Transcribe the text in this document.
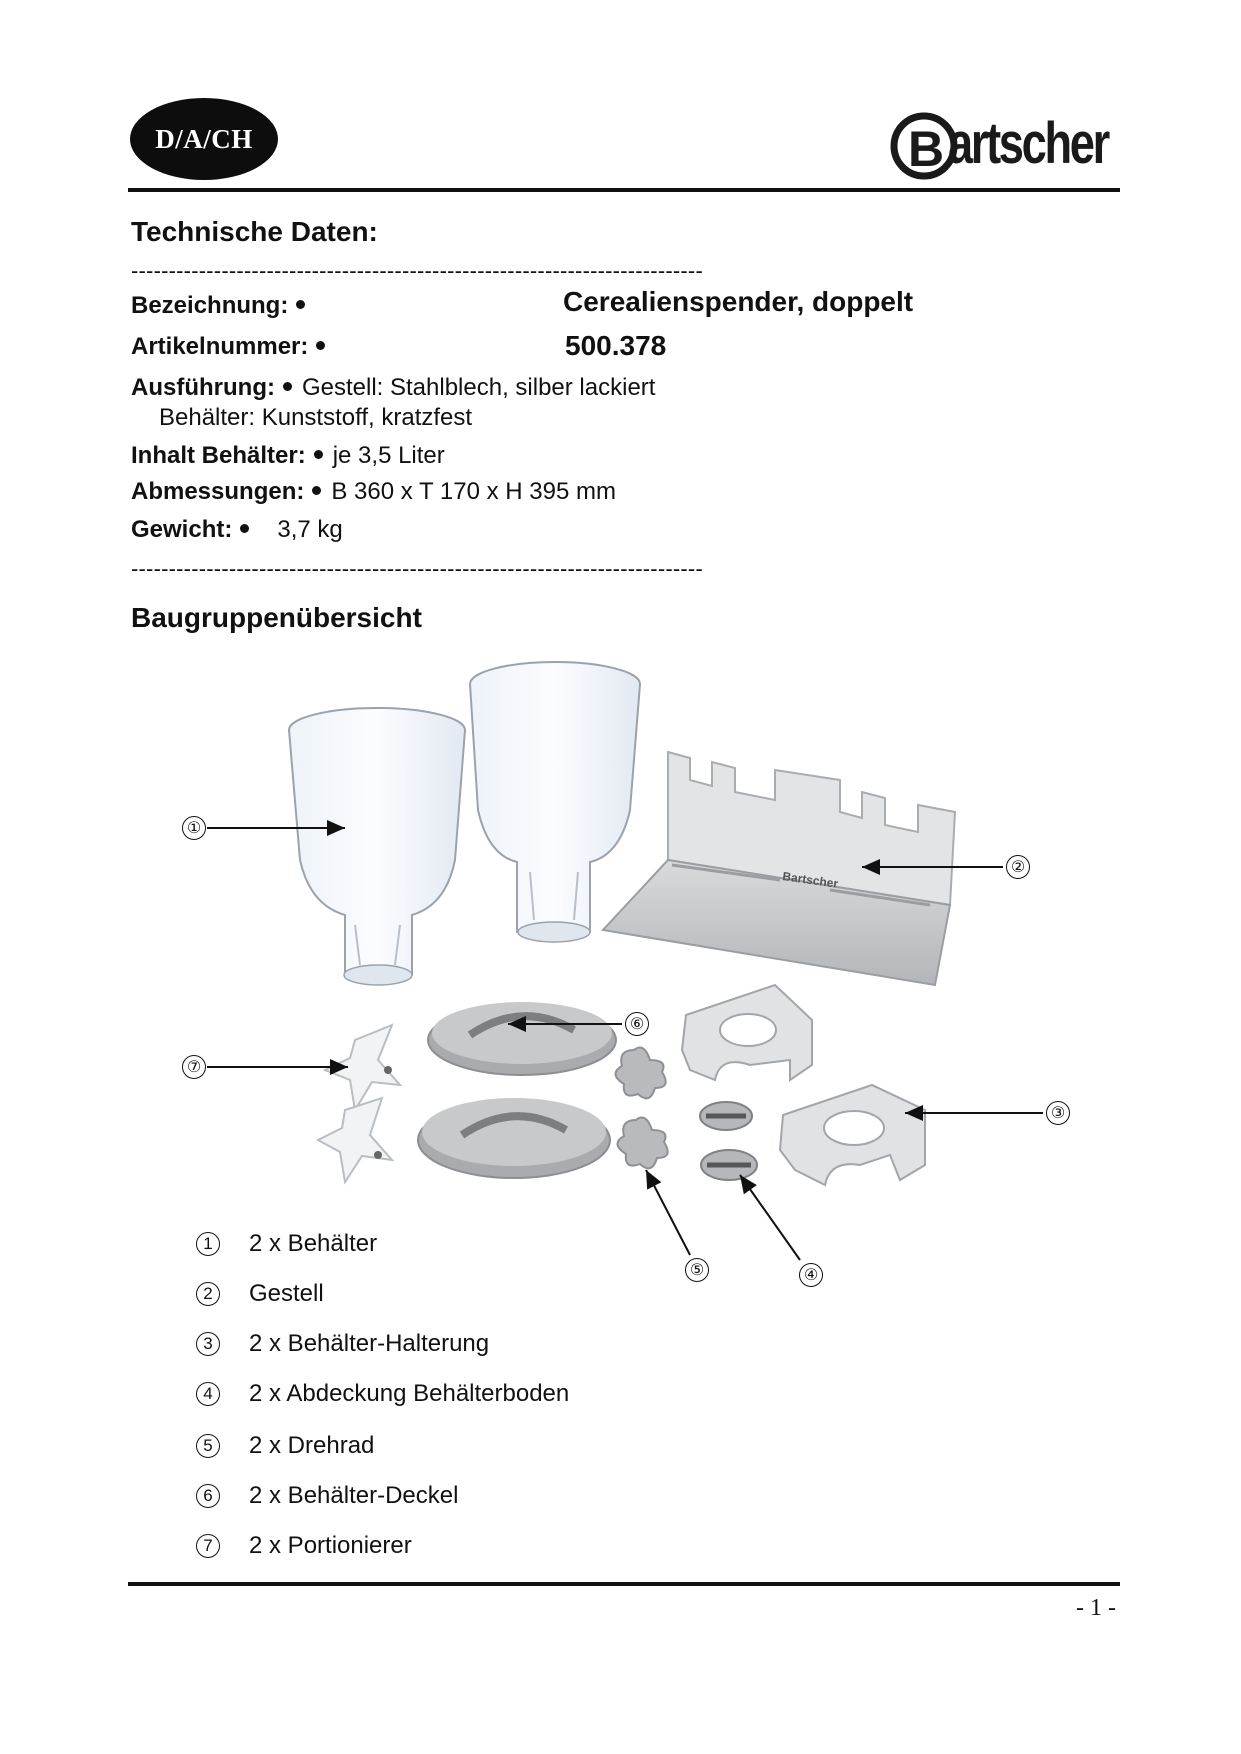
D/A/CH	B artscher
Technische Daten:
----------------------------------------------------------------------------
Bezeichnung:	Cerealienspender, doppelt
Artikelnummer:	500.378
Ausführung: Gestell: Stahlblech, silber lackiert
Behälter: Kunststoff, kratzfest
Inhalt Behälter: je 3,5 Liter
Abmessungen: B 360 x T 170 x H 395 mm
Gewicht: 3,7 kg
----------------------------------------------------------------------------
Baugruppenübersicht
Bartscher
①
②
③
④
⑤
⑥
⑦
1	2 x Behälter
2	Gestell
3	2 x Behälter-Halterung
4	2 x Abdeckung Behälterboden
5	2 x Drehrad
6	2 x Behälter-Deckel
7	2 x Portionierer
- 1 -
